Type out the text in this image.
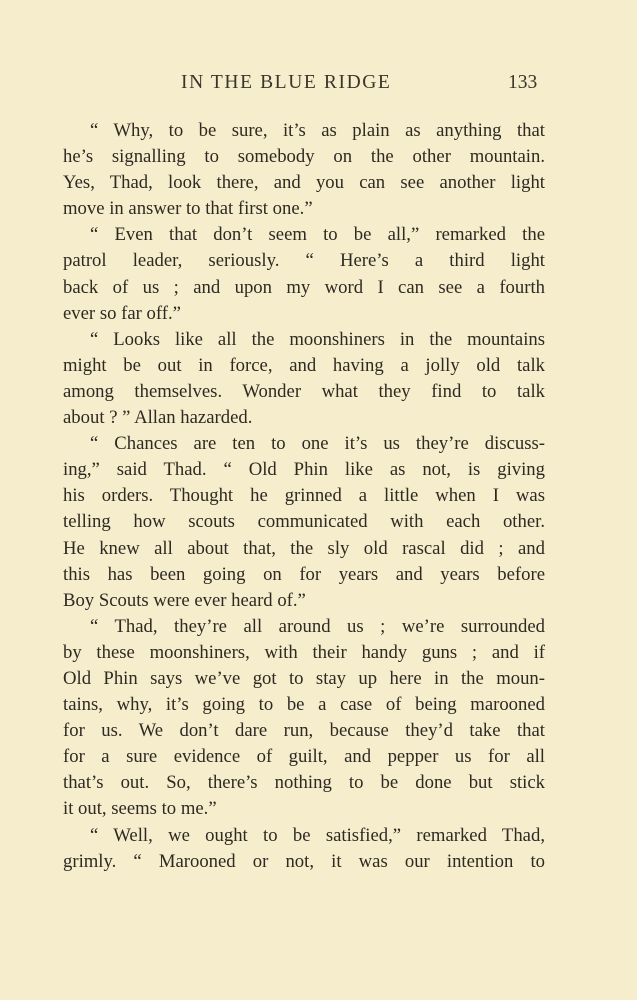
IN THE BLUE RIDGE	133
“ Why, to be sure, it’s as plain as anything that
he’s signalling to somebody on the other mountain.
Yes, Thad, look there, and you can see another light
move in answer to that first one.”
“ Even that don’t seem to be all,” remarked the
patrol leader, seriously. “ Here’s a third light
back of us ; and upon my word I can see a fourth
ever so far off.”
“ Looks like all the moonshiners in the mountains
might be out in force, and having a jolly old talk
among themselves. Wonder what they find to talk
about ? ” Allan hazarded.
“ Chances are ten to one it’s us they’re discuss-
ing,” said Thad. “ Old Phin like as not, is giving
his orders. Thought he grinned a little when I was
telling how scouts communicated with each other.
He knew all about that, the sly old rascal did ; and
this has been going on for years and years before
Boy Scouts were ever heard of.”
“ Thad, they’re all around us ; we’re surrounded
by these moonshiners, with their handy guns ; and if
Old Phin says we’ve got to stay up here in the moun-
tains, why, it’s going to be a case of being marooned
for us. We don’t dare run, because they’d take that
for a sure evidence of guilt, and pepper us for all
that’s out. So, there’s nothing to be done but stick
it out, seems to me.”
“ Well, we ought to be satisfied,” remarked Thad,
grimly. “ Marooned or not, it was our intention to
